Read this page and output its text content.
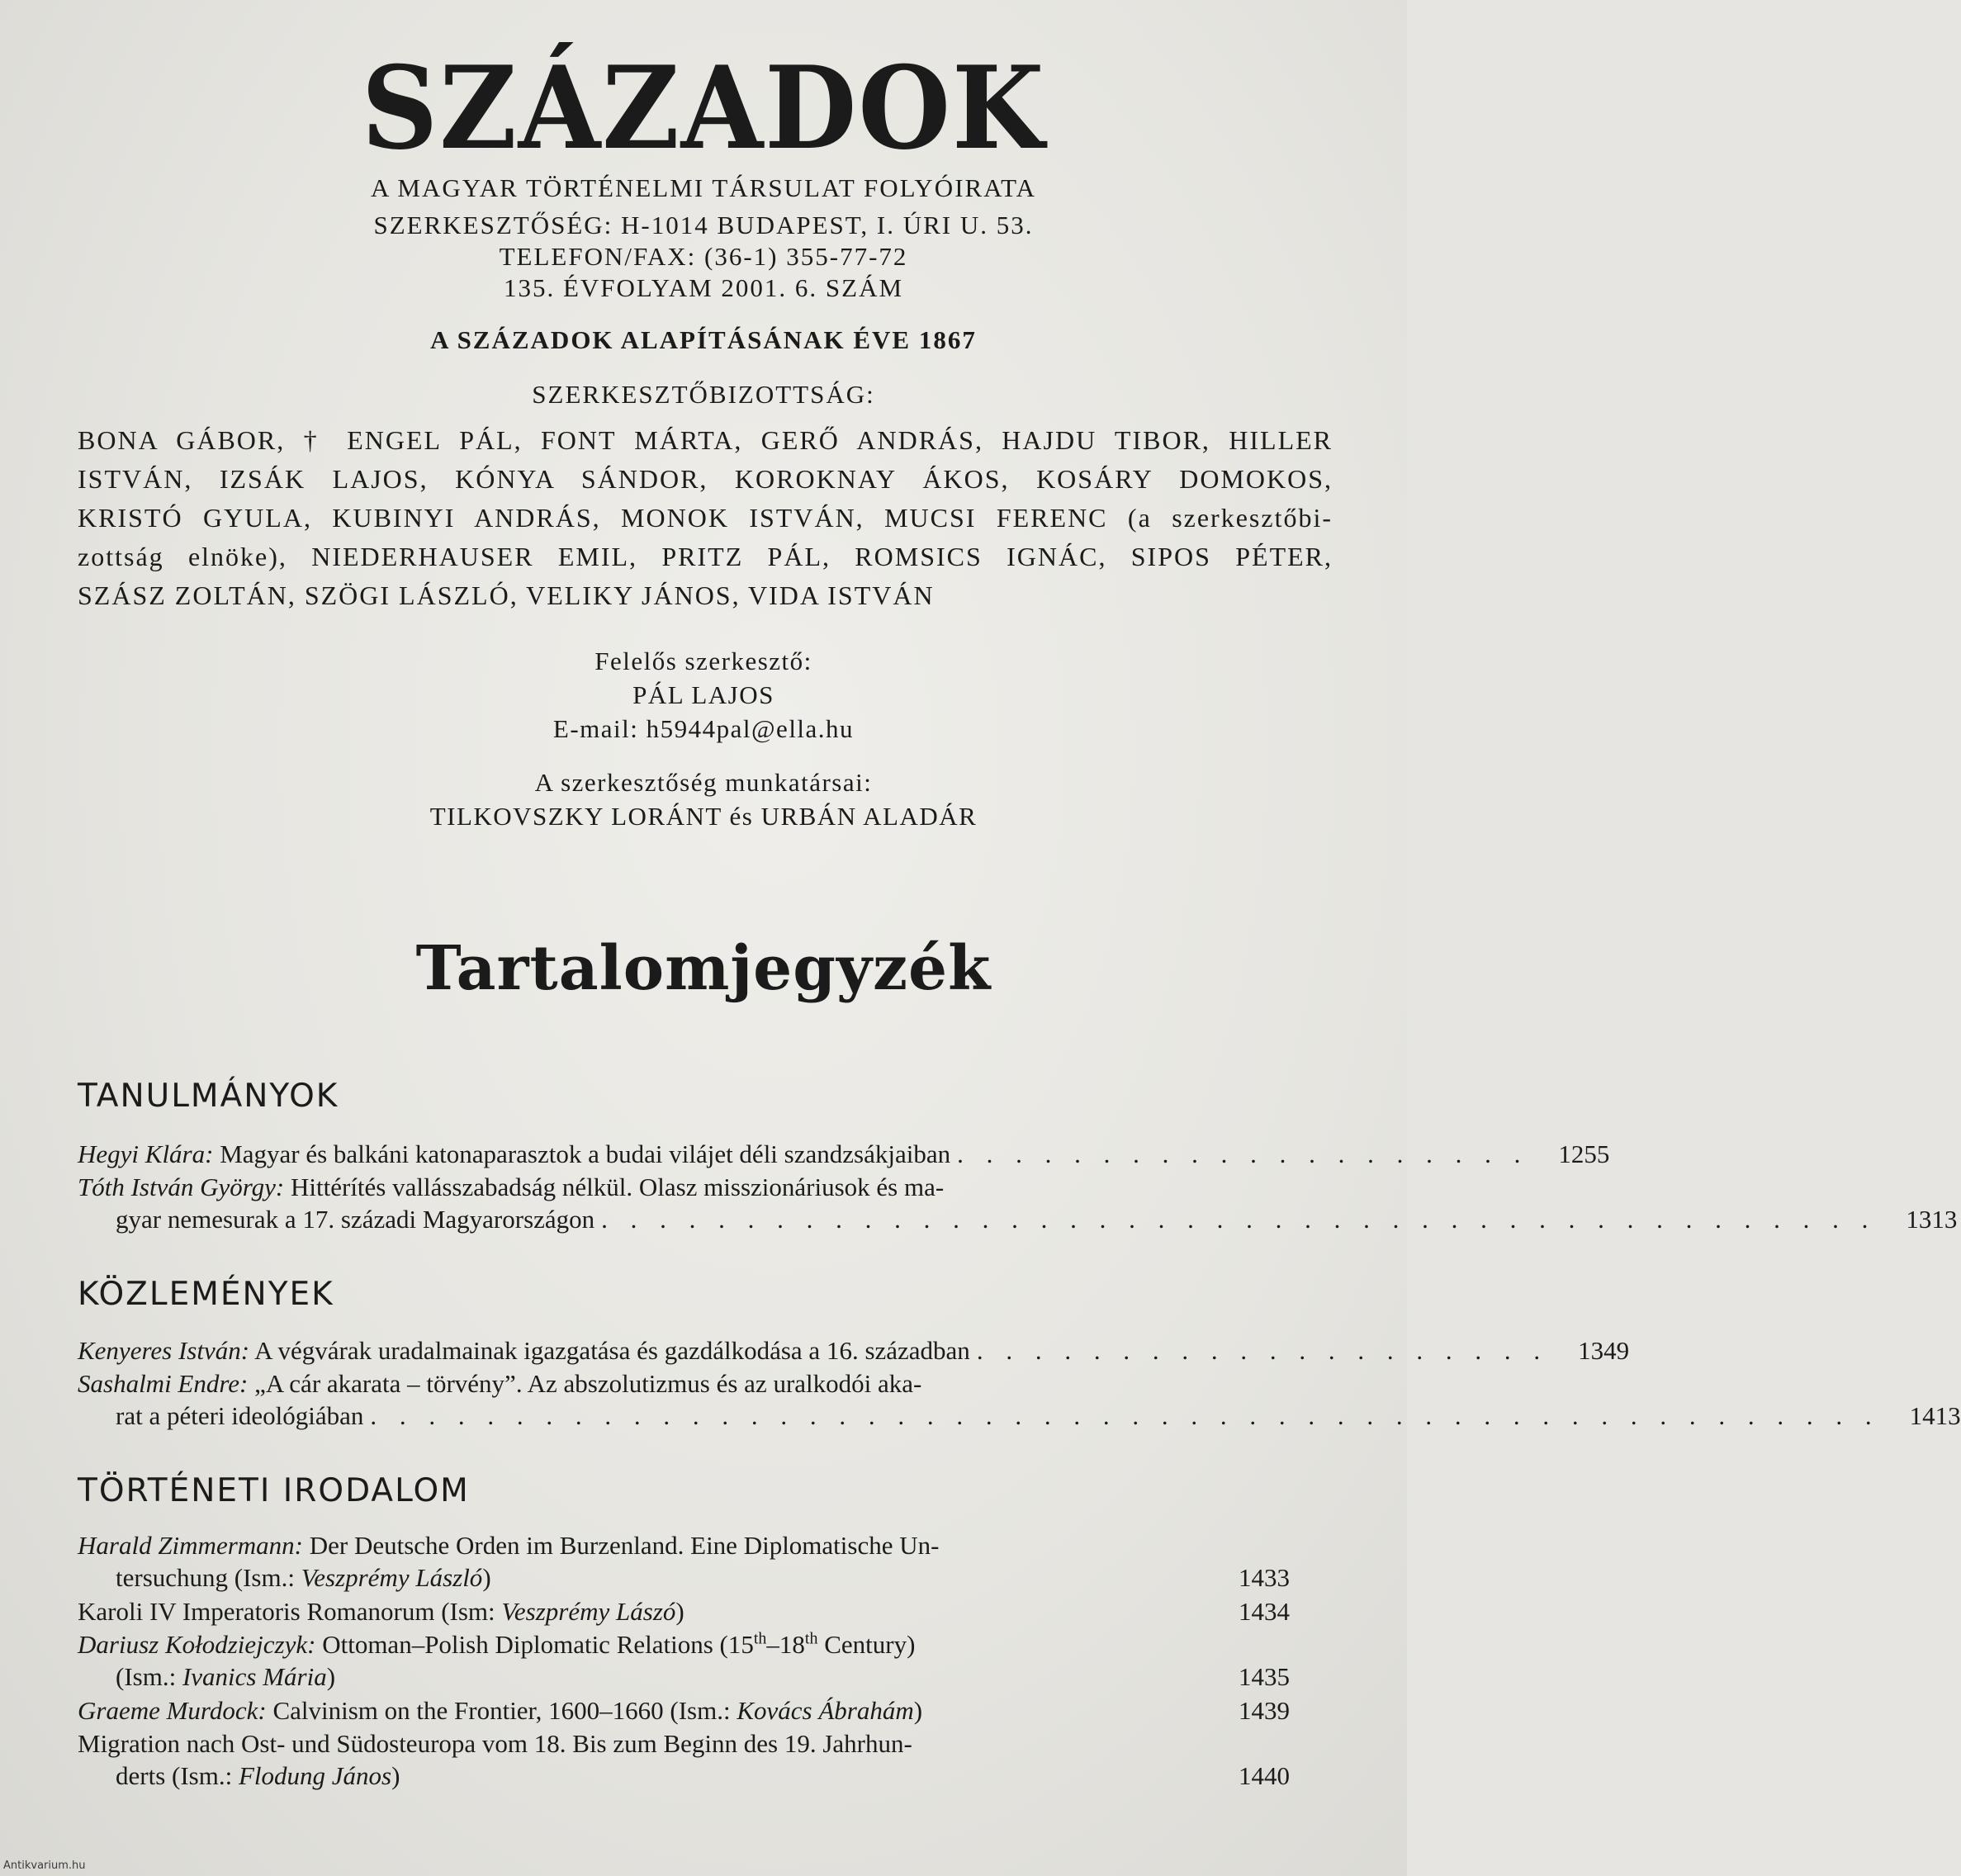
SZÁZADOK
A MAGYAR TÖRTÉNELMI TÁRSULAT FOLYÓIRATA
SZERKESZTŐSÉG: H-1014 BUDAPEST, I. ÚRI U. 53.
TELEFON/FAX: (36-1) 355-77-72
135. ÉVFOLYAM 2001. 6. SZÁM
A SZÁZADOK ALAPÍTÁSÁNAK ÉVE 1867
SZERKESZTŐBIZOTTSÁG:
BONA GÁBOR, † ENGEL PÁL, FONT MÁRTA, GERŐ ANDRÁS, HAJDU TIBOR, HILLER
ISTVÁN, IZSÁK LAJOS, KÓNYA SÁNDOR, KOROKNAY ÁKOS, KOSÁRY DOMOKOS,
KRISTÓ GYULA, KUBINYI ANDRÁS, MONOK ISTVÁN, MUCSI FERENC (a szerkesztőbi-
zottság elnöke), NIEDERHAUSER EMIL, PRITZ PÁL, ROMSICS IGNÁC, SIPOS PÉTER,
SZÁSZ ZOLTÁN, SZÖGI LÁSZLÓ, VELIKY JÁNOS, VIDA ISTVÁN
Felelős szerkesztő:
PÁL LAJOS
E-mail: h5944pal@ella.hu
A szerkesztőség munkatársai:
TILKOVSZKY LORÁNT és URBÁN ALADÁR
Tartalomjegyzék
TANULMÁNYOK
Hegyi Klára: Magyar és balkáni katonaparasztok a budai vilájet déli szandzsákjaiban . . . . . . . . . . . . . . . . . . . .	1255
Tóth István György: Hittérítés vallásszabadság nélkül. Olasz misszionáriusok és ma-
gyar nemesurak a 17. századi Magyarországon . . . . . . . . . . . . . . . . . . . . . . . . . . . . . . . . . . . . . . . . . . . .	1313
KÖZLEMÉNYEK
Kenyeres István: A végvárak uradalmainak igazgatása és gazdálkodása a 16. században . . . . . . . . . . . . . . . . . . . .	1349
Sashalmi Endre: „A cár akarata – törvény”. Az abszolutizmus és az uralkodói aka-
rat a péteri ideológiában . . . . . . . . . . . . . . . . . . . . . . . . . . . . . . . . . . . . . . . . . . . . . . . . . . . .	1413
TÖRTÉNETI IRODALOM
Harald Zimmermann: Der Deutsche Orden im Burzenland. Eine Diplomatische Un-
tersuchung (Ism.: Veszprémy László)	1433
Karoli IV Imperatoris Romanorum (Ism: Veszprémy Lászó)	1434
Dariusz Kołodziejczyk: Ottoman–Polish Diplomatic Relations (15th–18th Century)
(Ism.: Ivanics Mária)	1435
Graeme Murdock: Calvinism on the Frontier, 1600–1660 (Ism.: Kovács Ábrahám)	1439
Migration nach Ost- und Südosteuropa vom 18. Bis zum Beginn des 19. Jahrhun-
derts (Ism.: Flodung János)	1440
Antikvarium.hu
